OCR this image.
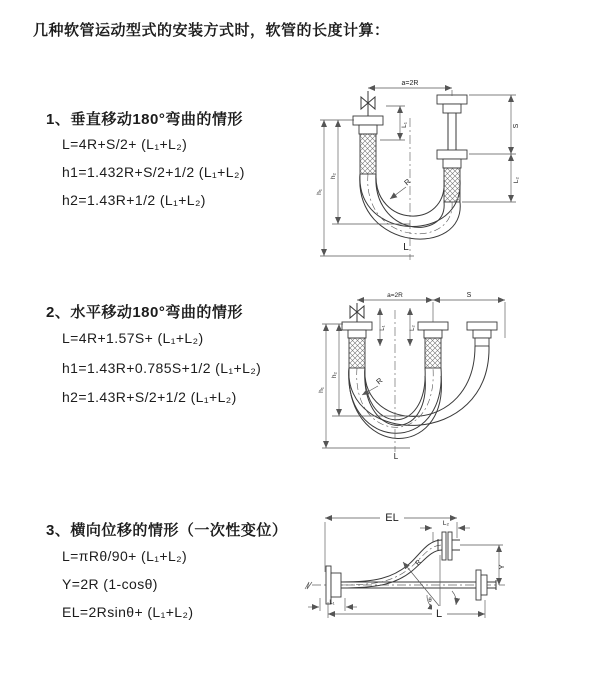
几种软管运动型式的安装方式时，软管的长度计算：
1、垂直移动180°弯曲的情形
L=4R+S/2+ (L₁+L₂)
h1=1.432R+S/2+1/2 (L₁+L₂)
h2=1.43R+1/2 (L₁+L₂)
2、水平移动180°弯曲的情形
L=4R+1.57S+ (L₁+L₂)
h1=1.43R+0.785S+1/2 (L₁+L₂)
h2=1.43R+S/2+1/2 (L₁+L₂)
3、横向位移的情形（一次性变位）
L=πRθ/90+ (L₁+L₂)
Y=2R (1-cosθ)
EL=2Rsinθ+ (L₁+L₂)
a=2R
L₁	S
L₂
h₁
h₂
R
L
a=2R	S
L₁	L₂
h₁
h₂
R
L
EL	L₂
Y
R
θ
L₁
L
